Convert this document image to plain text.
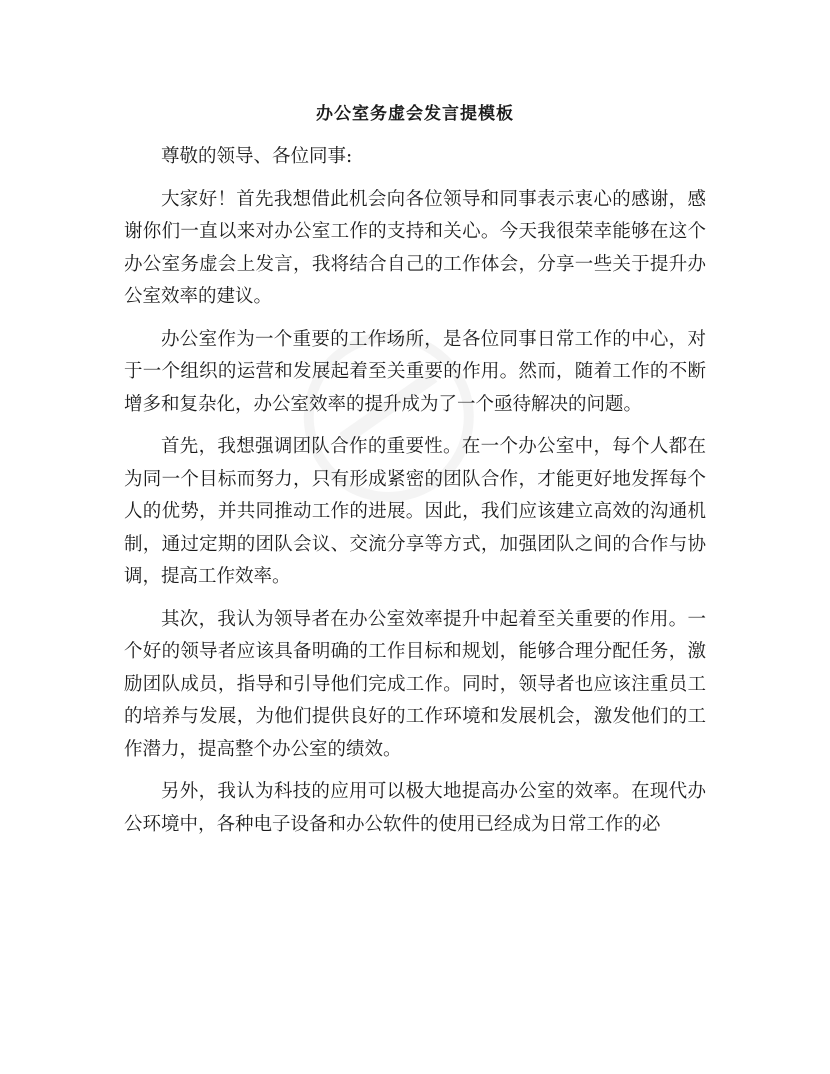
办公室务虚会发言提模板

尊敬的领导、各位同事:

大家好！首先我想借此机会向各位领导和同事表示衷心的感谢，感谢你们一直以来对办公室工作的支持和关心。今天我很荣幸能够在这个办公室务虚会上发言，我将结合自己的工作体会，分享一些关于提升办公室效率的建议。

办公室作为一个重要的工作场所，是各位同事日常工作的中心，对于一个组织的运营和发展起着至关重要的作用。然而，随着工作的不断增多和复杂化，办公室效率的提升成为了一个亟待解决的问题。

首先，我想强调团队合作的重要性。在一个办公室中，每个人都在为同一个目标而努力，只有形成紧密的团队合作，才能更好地发挥每个人的优势，并共同推动工作的进展。因此，我们应该建立高效的沟通机制，通过定期的团队会议、交流分享等方式，加强团队之间的合作与协调，提高工作效率。

其次，我认为领导者在办公室效率提升中起着至关重要的作用。一个好的领导者应该具备明确的工作目标和规划，能够合理分配任务，激励团队成员，指导和引导他们完成工作。同时，领导者也应该注重员工的培养与发展，为他们提供良好的工作环境和发展机会，激发他们的工作潜力，提高整个办公室的绩效。

另外，我认为科技的应用可以极大地提高办公室的效率。在现代办公环境中，各种电子设备和办公软件的使用已经成为日常工作的必
